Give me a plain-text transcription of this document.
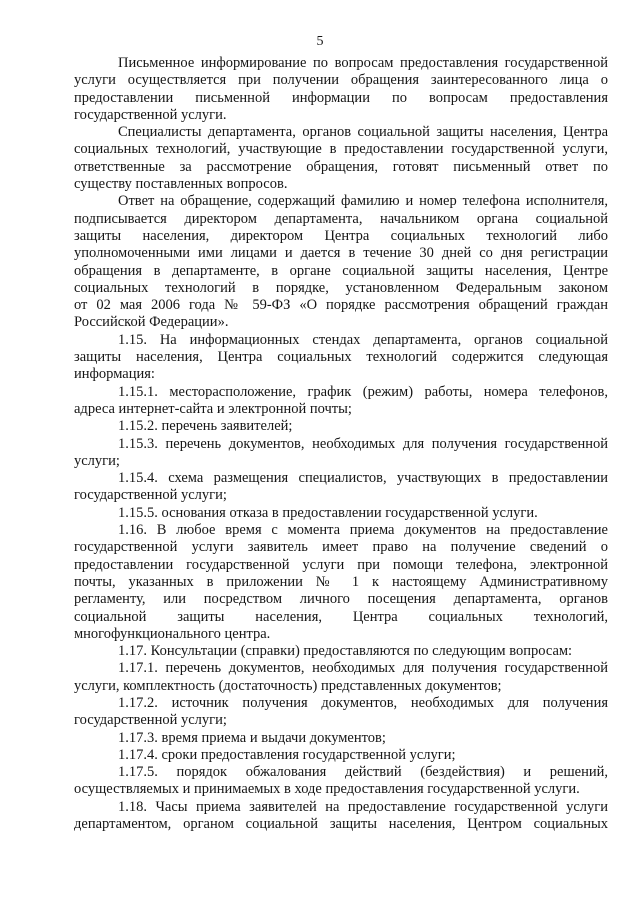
5
Письменное информирование по вопросам предоставления государственной
услуги осуществляется при получении обращения заинтересованного лица о
предоставлении письменной информации по вопросам предоставления
государственной услуги.
Специалисты департамента, органов социальной защиты населения, Центра
социальных технологий, участвующие в предоставлении государственной услуги,
ответственные за рассмотрение обращения, готовят письменный ответ по
существу поставленных вопросов.
Ответ на обращение, содержащий фамилию и номер телефона исполнителя,
подписывается директором департамента, начальником органа социальной
защиты населения, директором Центра социальных технологий либо
уполномоченными ими лицами и дается в течение 30 дней со дня регистрации
обращения в департаменте, в органе социальной защиты населения, Центре
социальных технологий в порядке, установленном Федеральным законом
от 02 мая 2006 года № 59-ФЗ «О порядке рассмотрения обращений граждан
Российской Федерации».
1.15. На информационных стендах департамента, органов социальной
защиты населения, Центра социальных технологий содержится следующая
информация:
1.15.1. месторасположение, график (режим) работы, номера телефонов,
адреса интернет-сайта и электронной почты;
1.15.2. перечень заявителей;
1.15.3. перечень документов, необходимых для получения государственной
услуги;
1.15.4. схема размещения специалистов, участвующих в предоставлении
государственной услуги;
1.15.5. основания отказа в предоставлении государственной услуги.
1.16. В любое время с момента приема документов на предоставление
государственной услуги заявитель имеет право на получение сведений о
предоставлении государственной услуги при помощи телефона, электронной
почты, указанных в приложении № 1 к настоящему Административному
регламенту, или посредством личного посещения департамента, органов
социальной защиты населения, Центра социальных технологий,
многофункционального центра.
1.17. Консультации (справки) предоставляются по следующим вопросам:
1.17.1. перечень документов, необходимых для получения государственной
услуги, комплектность (достаточность) представленных документов;
1.17.2. источник получения документов, необходимых для получения
государственной услуги;
1.17.3. время приема и выдачи документов;
1.17.4. сроки предоставления государственной услуги;
1.17.5. порядок обжалования действий (бездействия) и решений,
осуществляемых и принимаемых в ходе предоставления государственной услуги.
1.18. Часы приема заявителей на предоставление государственной услуги
департаментом, органом социальной защиты населения, Центром социальных
